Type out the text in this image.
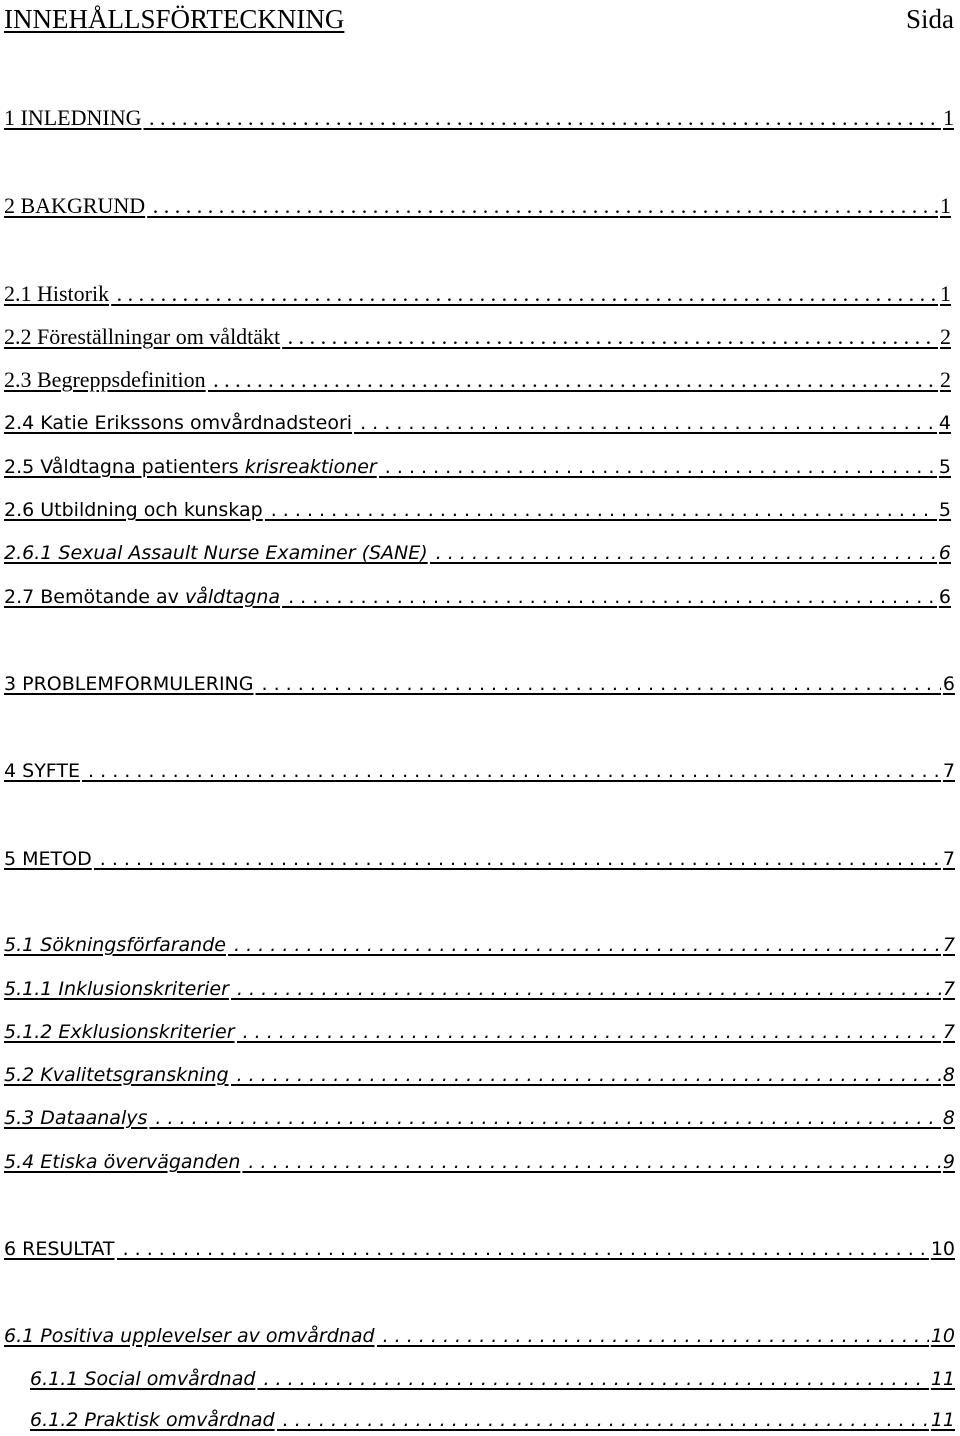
INNEHÅLLSFÖRTECKNING	Sida
1 INLEDNING . . .	1
2 BAKGRUND . . .	1
2.1 Historik . . .	1
2.2 Föreställningar om våldtäkt . . .	2
2.3 Begreppsdefinition . . .	2
2.4 Katie Erikssons omvårdnadsteori . . .	4
2.5 Våldtagna patienters krisreaktioner . . .	5
2.6 Utbildning och kunskap . . .	5
2.6.1 Sexual Assault Nurse Examiner (SANE) . . .	6
2.7 Bemötande av våldtagna . . .	6
3 PROBLEMFORMULERING . . .	6
4 SYFTE . . .	7
5 METOD . . .	7
5.1 Sökningsförfarande . . .	7
5.1.1 Inklusionskriterier . . .	7
5.1.2 Exklusionskriterier . . .	7
5.2 Kvalitetsgranskning . . .	8
5.3 Dataanalys . . .	8
5.4 Etiska överväganden . . .	9
6 RESULTAT . . .	10
6.1 Positiva upplevelser av omvårdnad . . .	10
6.1.1 Social omvårdnad . . .	11
6.1.2 Praktisk omvårdnad . . .	11
